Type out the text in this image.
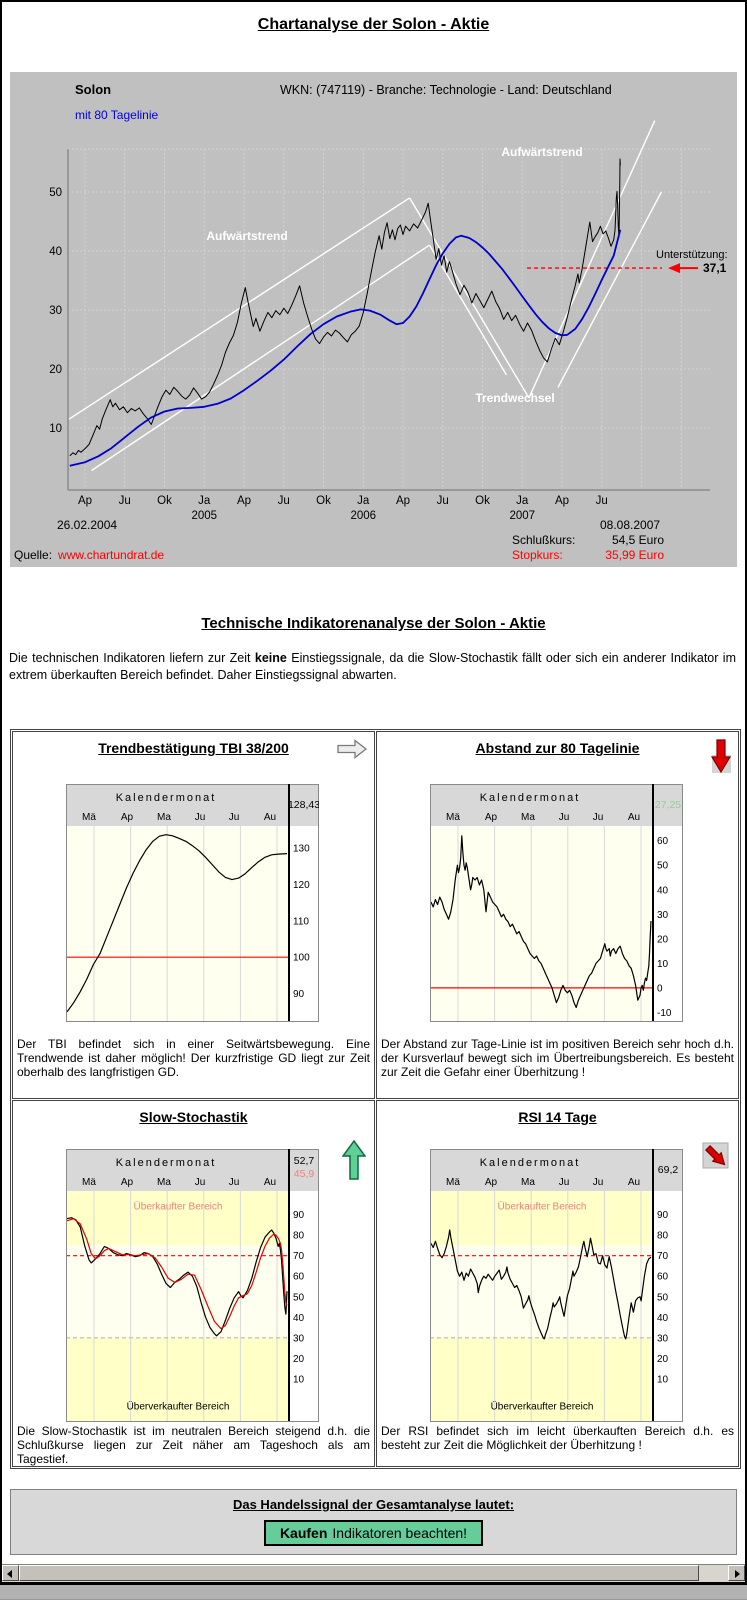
Chartanalyse der Solon - Aktie
Unterstützung:
37,1
Aufwärtstrend
Aufwärtstrend
Trendwechsel
10
20
30
40
50
Ap Ju Ok Ja Ap Ju Ok Ja Ap Ju Ok Ja Ap Ju
2005	2006	2007
Solon	WKN: (747119) - Branche: Technologie - Land: Deutschland
mit 80 Tagelinie
26.02.2004	08.08.2007
Schlußkurs:	54,5 Euro
Stopkurs:	35,99 Euro
Quelle: www.chartundrat.de
Technische Indikatorenanalyse der Solon - Aktie

Die technischen Indikatoren liefern zur Zeit keine Einstiegssignale, da die Slow-Stochastik fällt oder sich ein anderer Indikator im extrem überkauften Bereich befindet. Daher Einstiegssignal abwarten.

Trendbestätigung TBI 38/200
Kalendermonat
Mä Ap Ma Ju Ju Au
130
120
110
100
90
128,43

Der TBI befindet sich in einer Seitwärtsbewegung. Eine Trendwende ist daher möglich! Der kurzfristige GD liegt zur Zeit oberhalb des langfristigen GD.

Abstand zur 80 Tagelinie
Kalendermonat
Mä Ap Ma Ju Ju Au
60
50
40
30
20
10
0
-10
27,25

Der Abstand zur Tage-Linie ist im positiven Bereich sehr hoch d.h. der Kursverlauf bewegt sich im Übertreibungsbereich. Es besteht zur Zeit die Gefahr einer Überhitzung !

Slow-Stochastik
Kalendermonat
Mä Ap Ma Ju Ju Au
90
80
70
60
50
40
30
20
10
52,7
45,9
Überkaufter Bereich
Überverkaufter Bereich

Die Slow-Stochastik ist im neutralen Bereich steigend d.h. die Schlußkurse liegen zur Zeit näher am Tageshoch als am Tagestief.

RSI 14 Tage
Kalendermonat
Mä Ap Ma Ju Ju Au
90
80
70
60
50
40
30
20
10
69,2
Überkaufter Bereich
Überverkaufter Bereich

Der RSI befindet sich im leicht überkauften Bereich d.h. es besteht zur Zeit die Möglichkeit der Überhitzung !

Das Handelssignal der Gesamtanalyse lautet:
Kaufen Indikatoren beachten!
